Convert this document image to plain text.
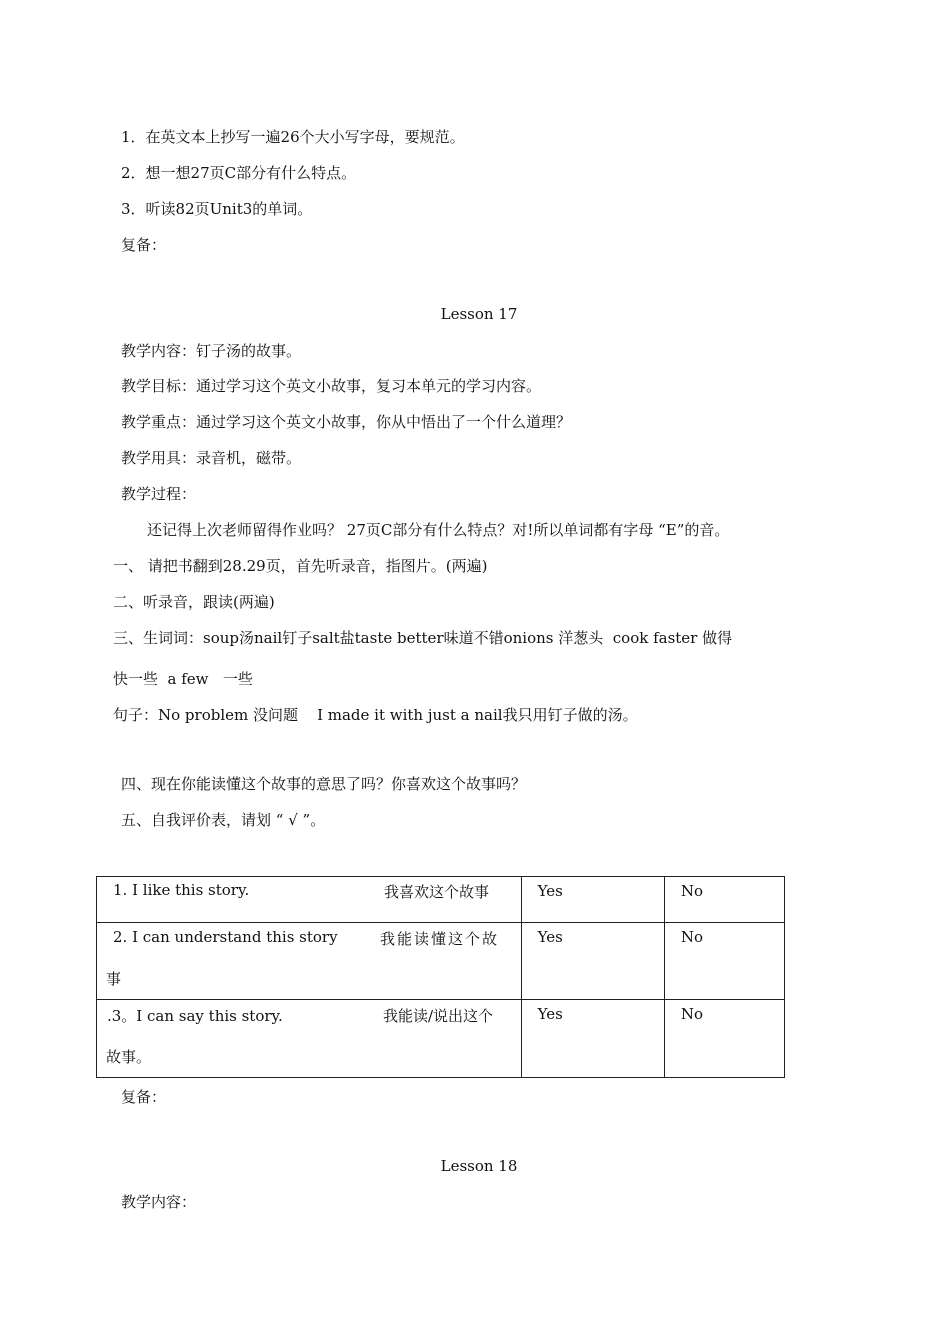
1．在英文本上抄写一遍26个大小写字母，要规范。
2．想一想27页C部分有什么特点。
3．听读82页Unit3的单词。
复备：
Lesson 17
教学内容：钉子汤的故事。
教学目标：通过学习这个英文小故事，复习本单元的学习内容。
教学重点：通过学习这个英文小故事，你从中悟出了一个什么道理？
教学用具：录音机，磁带。
教学过程：
还记得上次老师留得作业吗？ 27页C部分有什么特点？对!所以单词都有字母 “E”的音。
一、 请把书翻到28.29页，首先听录音，指图片。(两遍)
二、听录音，跟读(两遍)
三、生词词：soup汤nail钉子salt盐taste better味道不错onions 洋葱头  cook faster 做得
快一些  a few   一些
句子：No problem 没问题    I made it with just a nail我只用钉子做的汤。
四、现在你能读懂这个故事的意思了吗？你喜欢这个故事吗？
五、自我评价表，请划 “ √ ”。
1. I like this story. 我喜欢这个故事	Yes	No

2. I can understand this story 我能读懂这个故
事	Yes	No

.3。I can say this story. 我能读/说出这个
故事。	Yes	No
复备：
Lesson 18
教学内容：
